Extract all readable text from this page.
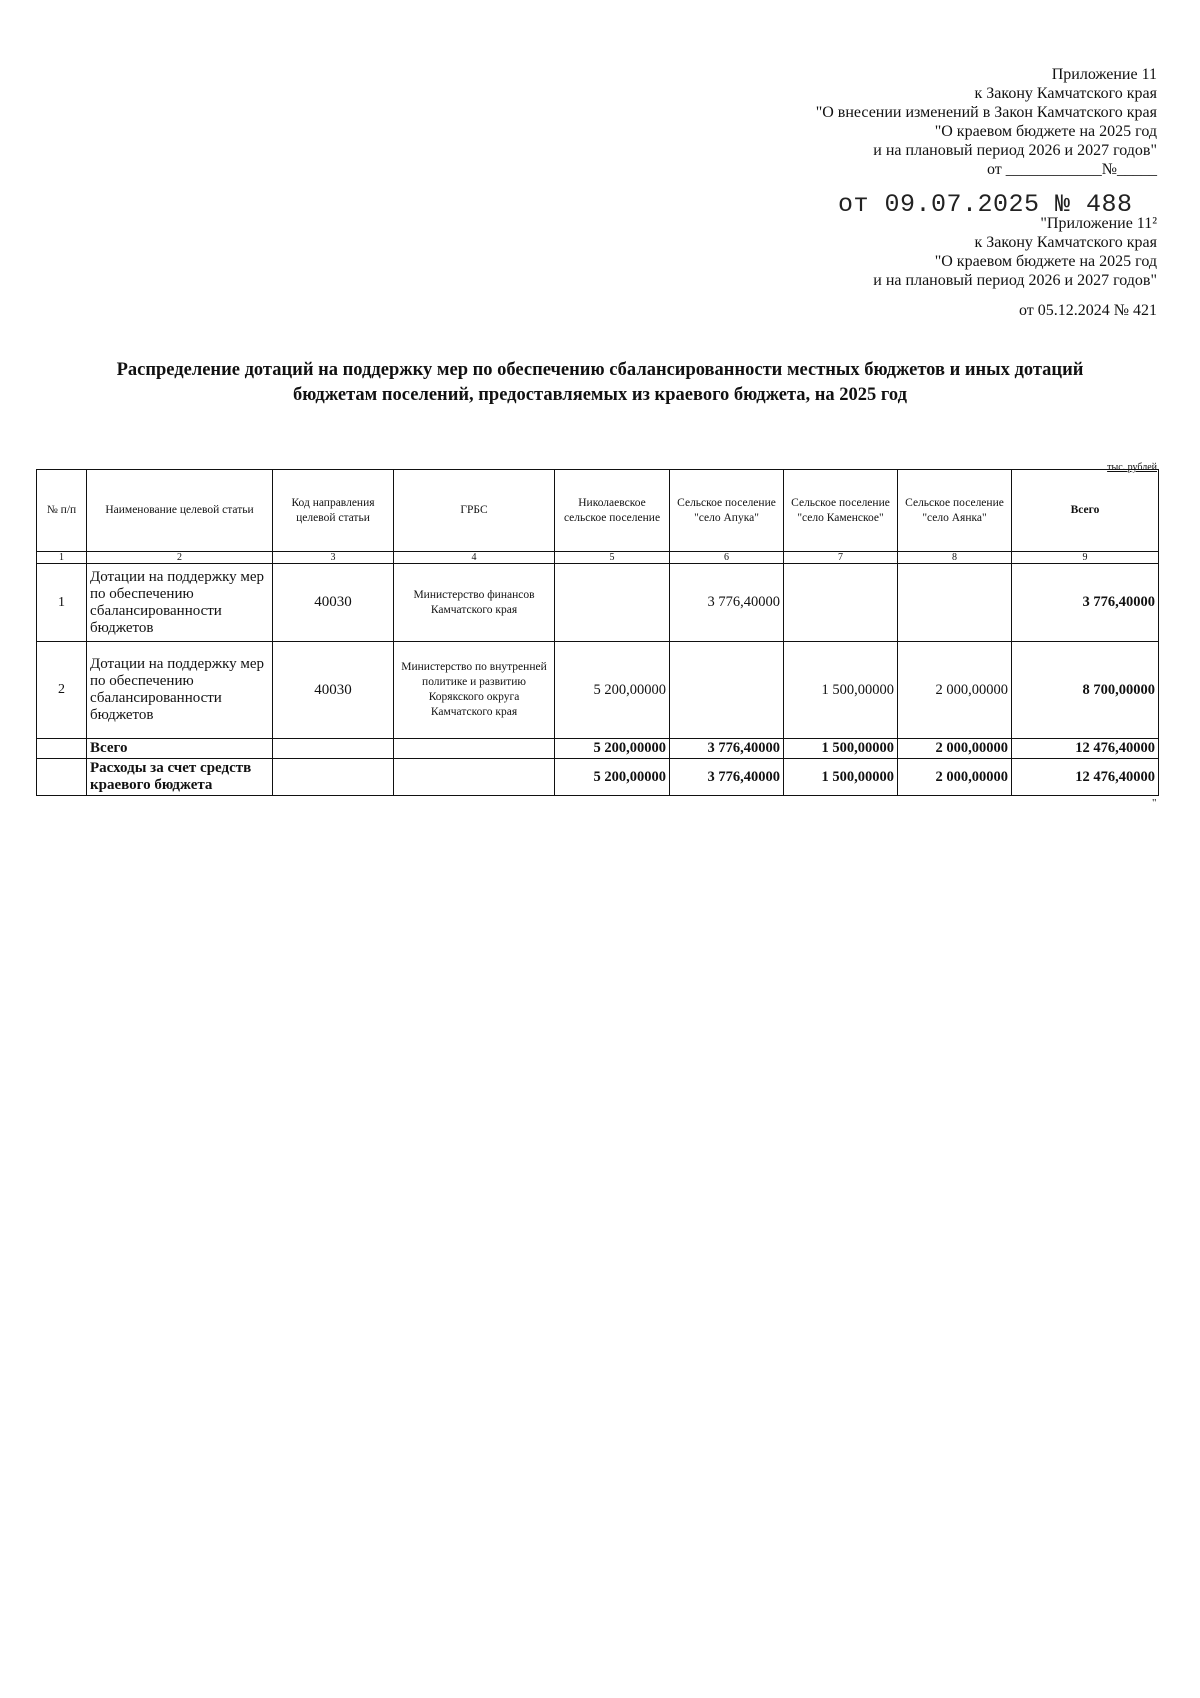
Приложение 11
к Закону Камчатского края
"О внесении изменений в Закон Камчатского края
"О краевом бюджете на 2025 год
и на плановый период 2026 и 2027 годов"
от ____________№_____
от 09.07.2025 № 488
"Приложение 11²
к Закону Камчатского края
"О краевом бюджете на 2025 год
и на плановый период 2026 и 2027 годов"
от 05.12.2024 № 421
Распределение дотаций на поддержку мер по обеспечению сбалансированности местных бюджетов и иных дотаций
бюджетам поселений, предоставляемых из краевого бюджета, на 2025 год
тыс. рублей
№ п/п	Наименование целевой статьи	Код направления целевой статьи	ГРБС	Николаевское сельское поселение	Сельское поселение "село Апука"	Сельское поселение "село Каменское"	Сельское поселение "село Аянка"	Всего
1	2	3	4	5	6	7	8	9
1	Дотации на поддержку мер по обеспечению сбалансированности бюджетов	40030	Министерство финансов Камчатского края		3 776,40000			3 776,40000
2	Дотации на поддержку мер по обеспечению сбалансированности бюджетов	40030	Министерство по внутренней политике и развитию Корякского округа Камчатского края	5 200,00000		1 500,00000	2 000,00000	8 700,00000
	Всего			5 200,00000	3 776,40000	1 500,00000	2 000,00000	12 476,40000
	Расходы за счет средств краевого бюджета			5 200,00000	3 776,40000	1 500,00000	2 000,00000	12 476,40000
"
